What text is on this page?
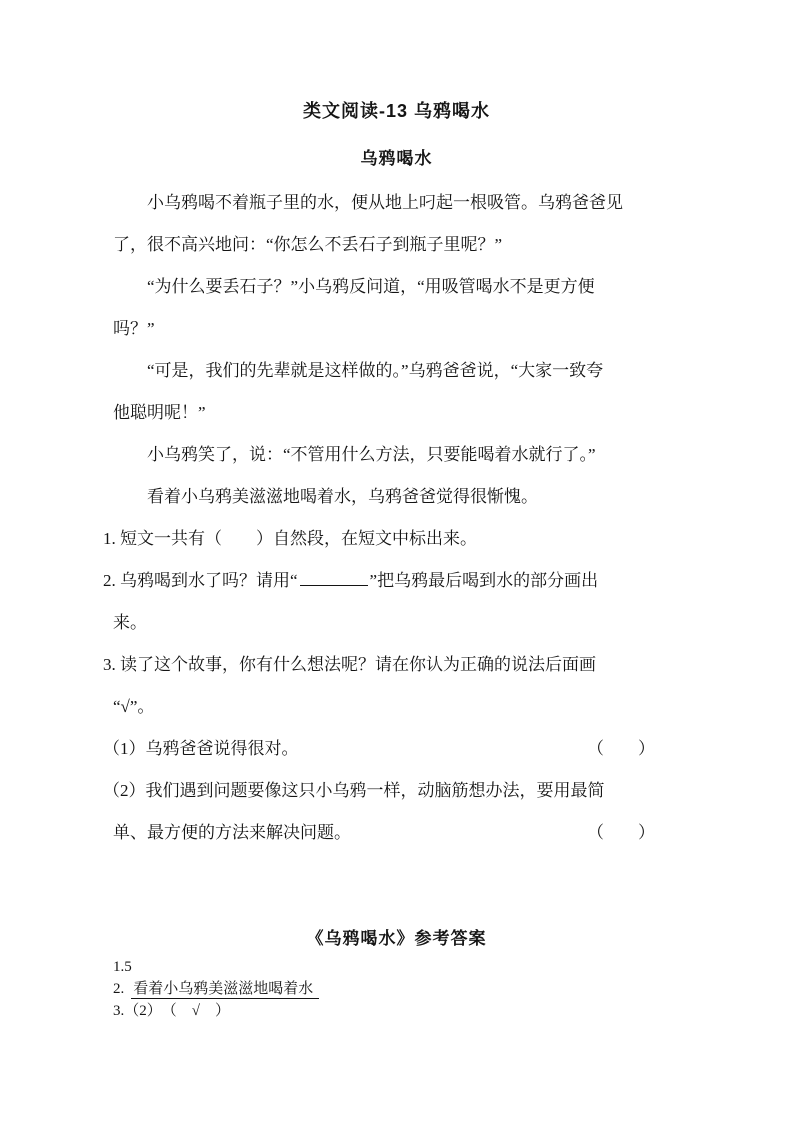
类文阅读-13 乌鸦喝水
乌鸦喝水
小乌鸦喝不着瓶子里的水，便从地上叼起一根吸管。乌鸦爸爸见
了，很不高兴地问：“你怎么不丢石子到瓶子里呢？”
“为什么要丢石子？”小乌鸦反问道，“用吸管喝水不是更方便
吗？”
“可是，我们的先辈就是这样做的。”乌鸦爸爸说，“大家一致夸
他聪明呢！”
小乌鸦笑了，说：“不管用什么方法，只要能喝着水就行了。”
看着小乌鸦美滋滋地喝着水，乌鸦爸爸觉得很惭愧。
1. 短文一共有（　　）自然段，在短文中标出来。
2. 乌鸦喝到水了吗？请用“	”把乌鸦最后喝到水的部分画出
来。
3. 读了这个故事，你有什么想法呢？请在你认为正确的说法后面画
“√”。
（1）乌鸦爸爸说得很对。	（　　）
（2）我们遇到问题要像这只小乌鸦一样，动脑筋想办法，要用最简
单、最方便的方法来解决问题。	（　　）
《乌鸦喝水》参考答案
1.5
2. 看着小乌鸦美滋滋地喝着水
3.（2）　（　√　）
